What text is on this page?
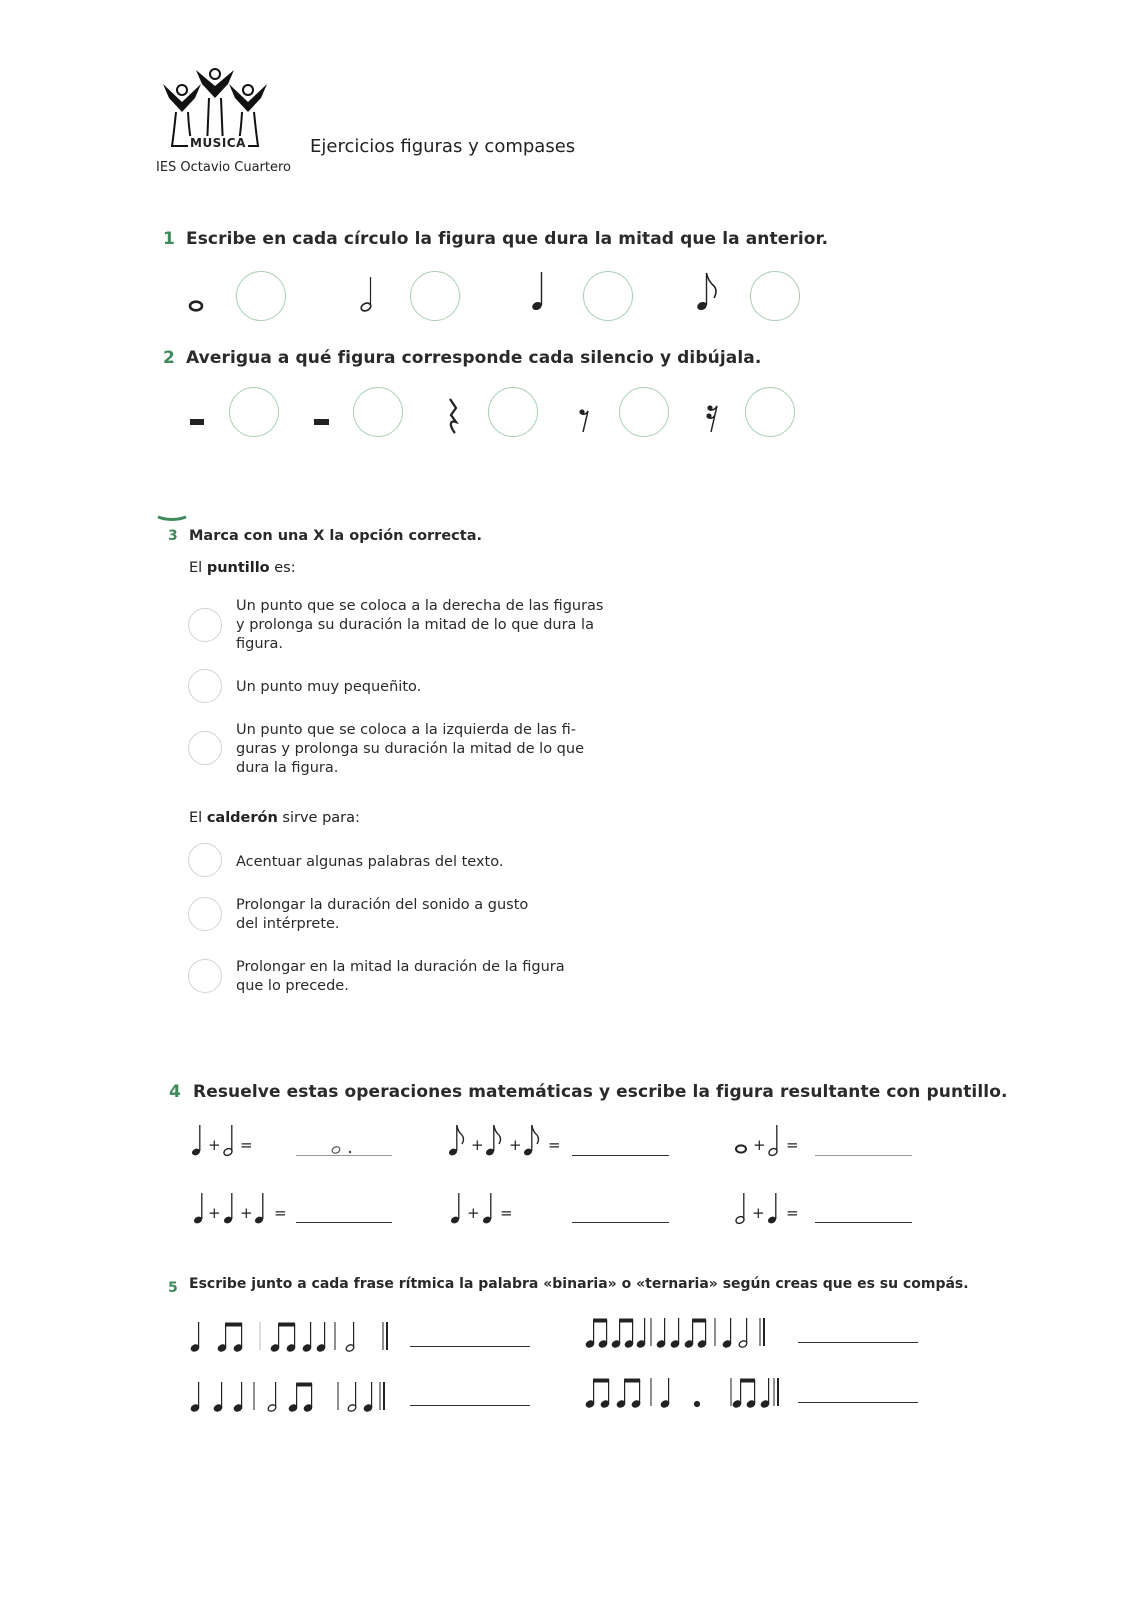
MUSICA
IES Octavio Cuartero
Ejercicios figuras y compases
1 Escribe en cada círculo la figura que dura la mitad que la anterior.
2 Averigua a qué figura corresponde cada silencio y dibújala.
3 Marca con una X la opción correcta.
El puntillo es:
Un punto que se coloca a la derecha de las figuras
y prolonga su duración la mitad de lo que dura la
figura.
Un punto muy pequeñito.
Un punto que se coloca a la izquierda de las fi-
guras y prolonga su duración la mitad de lo que
dura la figura.
El calderón sirve para:
Acentuar algunas palabras del texto.
Prolongar la duración del sonido a gusto
del intérprete.
Prolongar en la mitad la duración de la figura
que lo precede.
4 Resuelve estas operaciones matemáticas y escribe la figura resultante con puntillo.
+ =	+ + =	+ =
+ + =	+ =	+ =
5 Escribe junto a cada frase rítmica la palabra «binaria» o «ternaria» según creas que es su compás.
